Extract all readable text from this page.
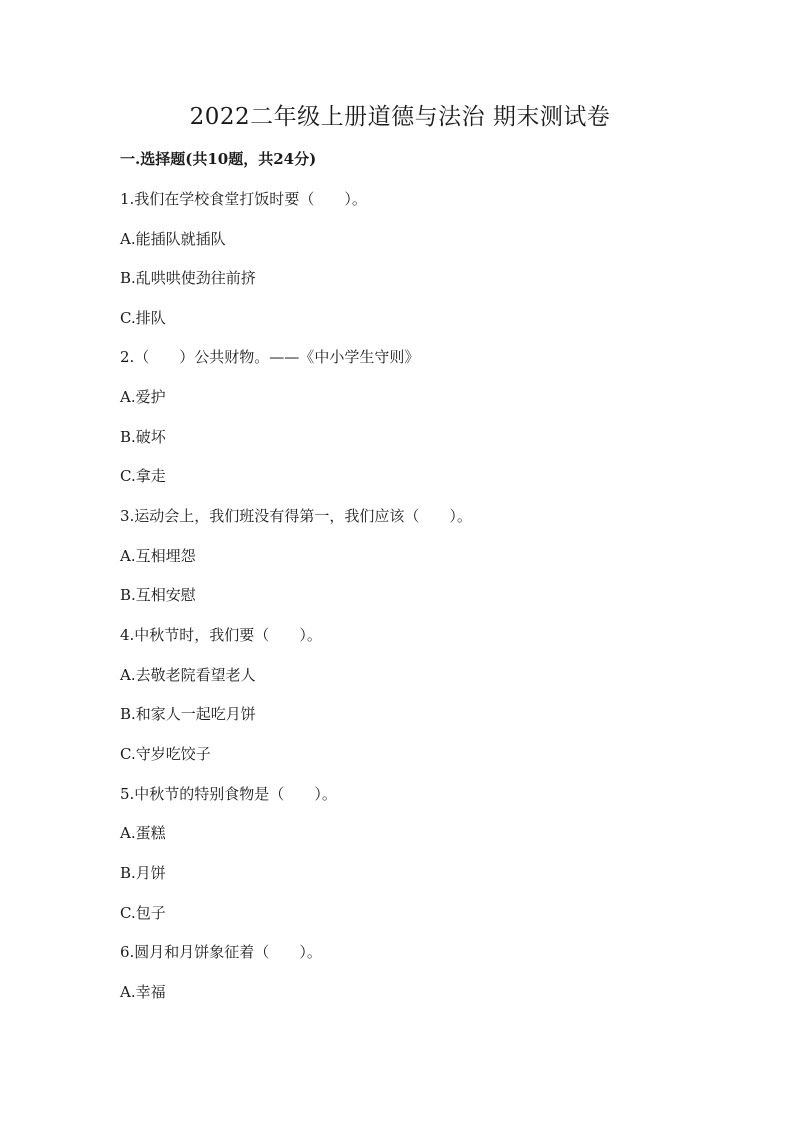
2022二年级上册道德与法治 期末测试卷
一.选择题(共10题，共24分)
1.我们在学校食堂打饭时要（　　）。
A.能插队就插队
B.乱哄哄使劲往前挤
C.排队
2.（　　）公共财物。——《中小学生守则》
A.爱护
B.破坏
C.拿走
3.运动会上，我们班没有得第一，我们应该（　　）。
A.互相埋怨
B.互相安慰
4.中秋节时，我们要（　　）。
A.去敬老院看望老人
B.和家人一起吃月饼
C.守岁吃饺子
5.中秋节的特别食物是（　　）。
A.蛋糕
B.月饼
C.包子
6.圆月和月饼象征着（　　）。
A.幸福
